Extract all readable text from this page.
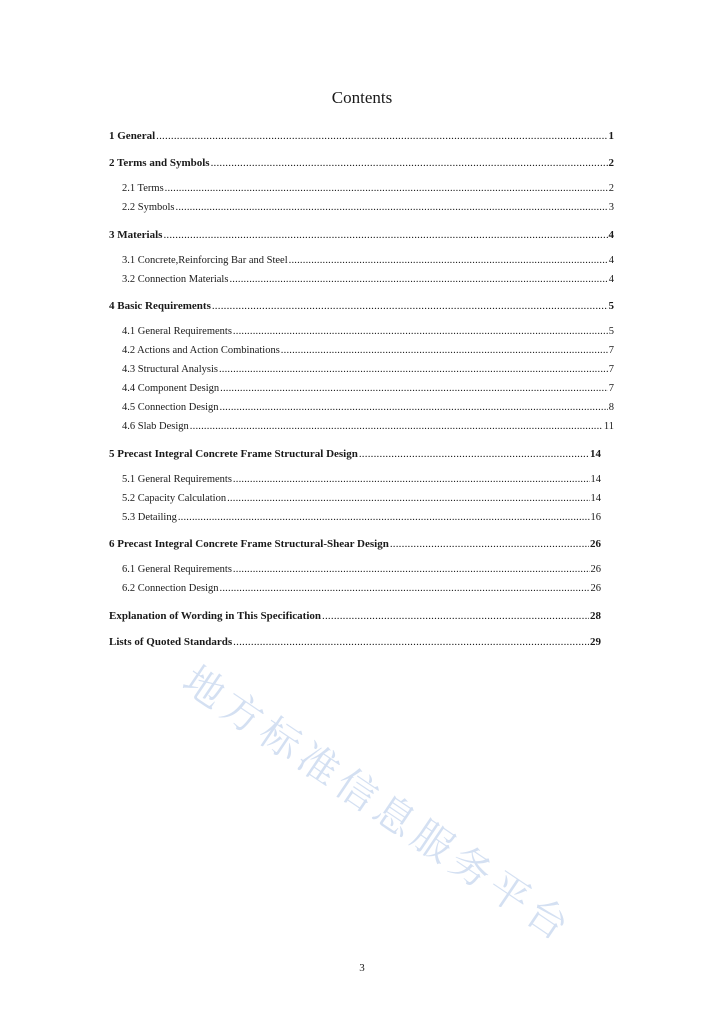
Contents
1 General .....	1
2 Terms and Symbols .....	2
2.1 Terms .....	2
2.2 Symbols .....	3
3 Materials .....	4
3.1 Concrete,Reinforcing Bar and Steel .....	4
3.2 Connection Materials .....	4
4 Basic Requirements .....	5
4.1 General Requirements .....	5
4.2 Actions and Action Combinations .....	7
4.3 Structural Analysis .....	7
4.4 Component Design .....	7
4.5 Connection Design .....	8
4.6 Slab Design .....	11
5 Precast Integral Concrete Frame Structural Design .....	14
5.1 General Requirements .....	14
5.2 Capacity Calculation .....	14
5.3 Detailing .....	16
6 Precast Integral Concrete Frame Structural-Shear Design .....	26
6.1 General Requirements .....	26
6.2 Connection Design .....	26
Explanation of Wording in This Specification .....	28
Lists of Quoted Standards .....	29
地方标准信息服务平台
3
